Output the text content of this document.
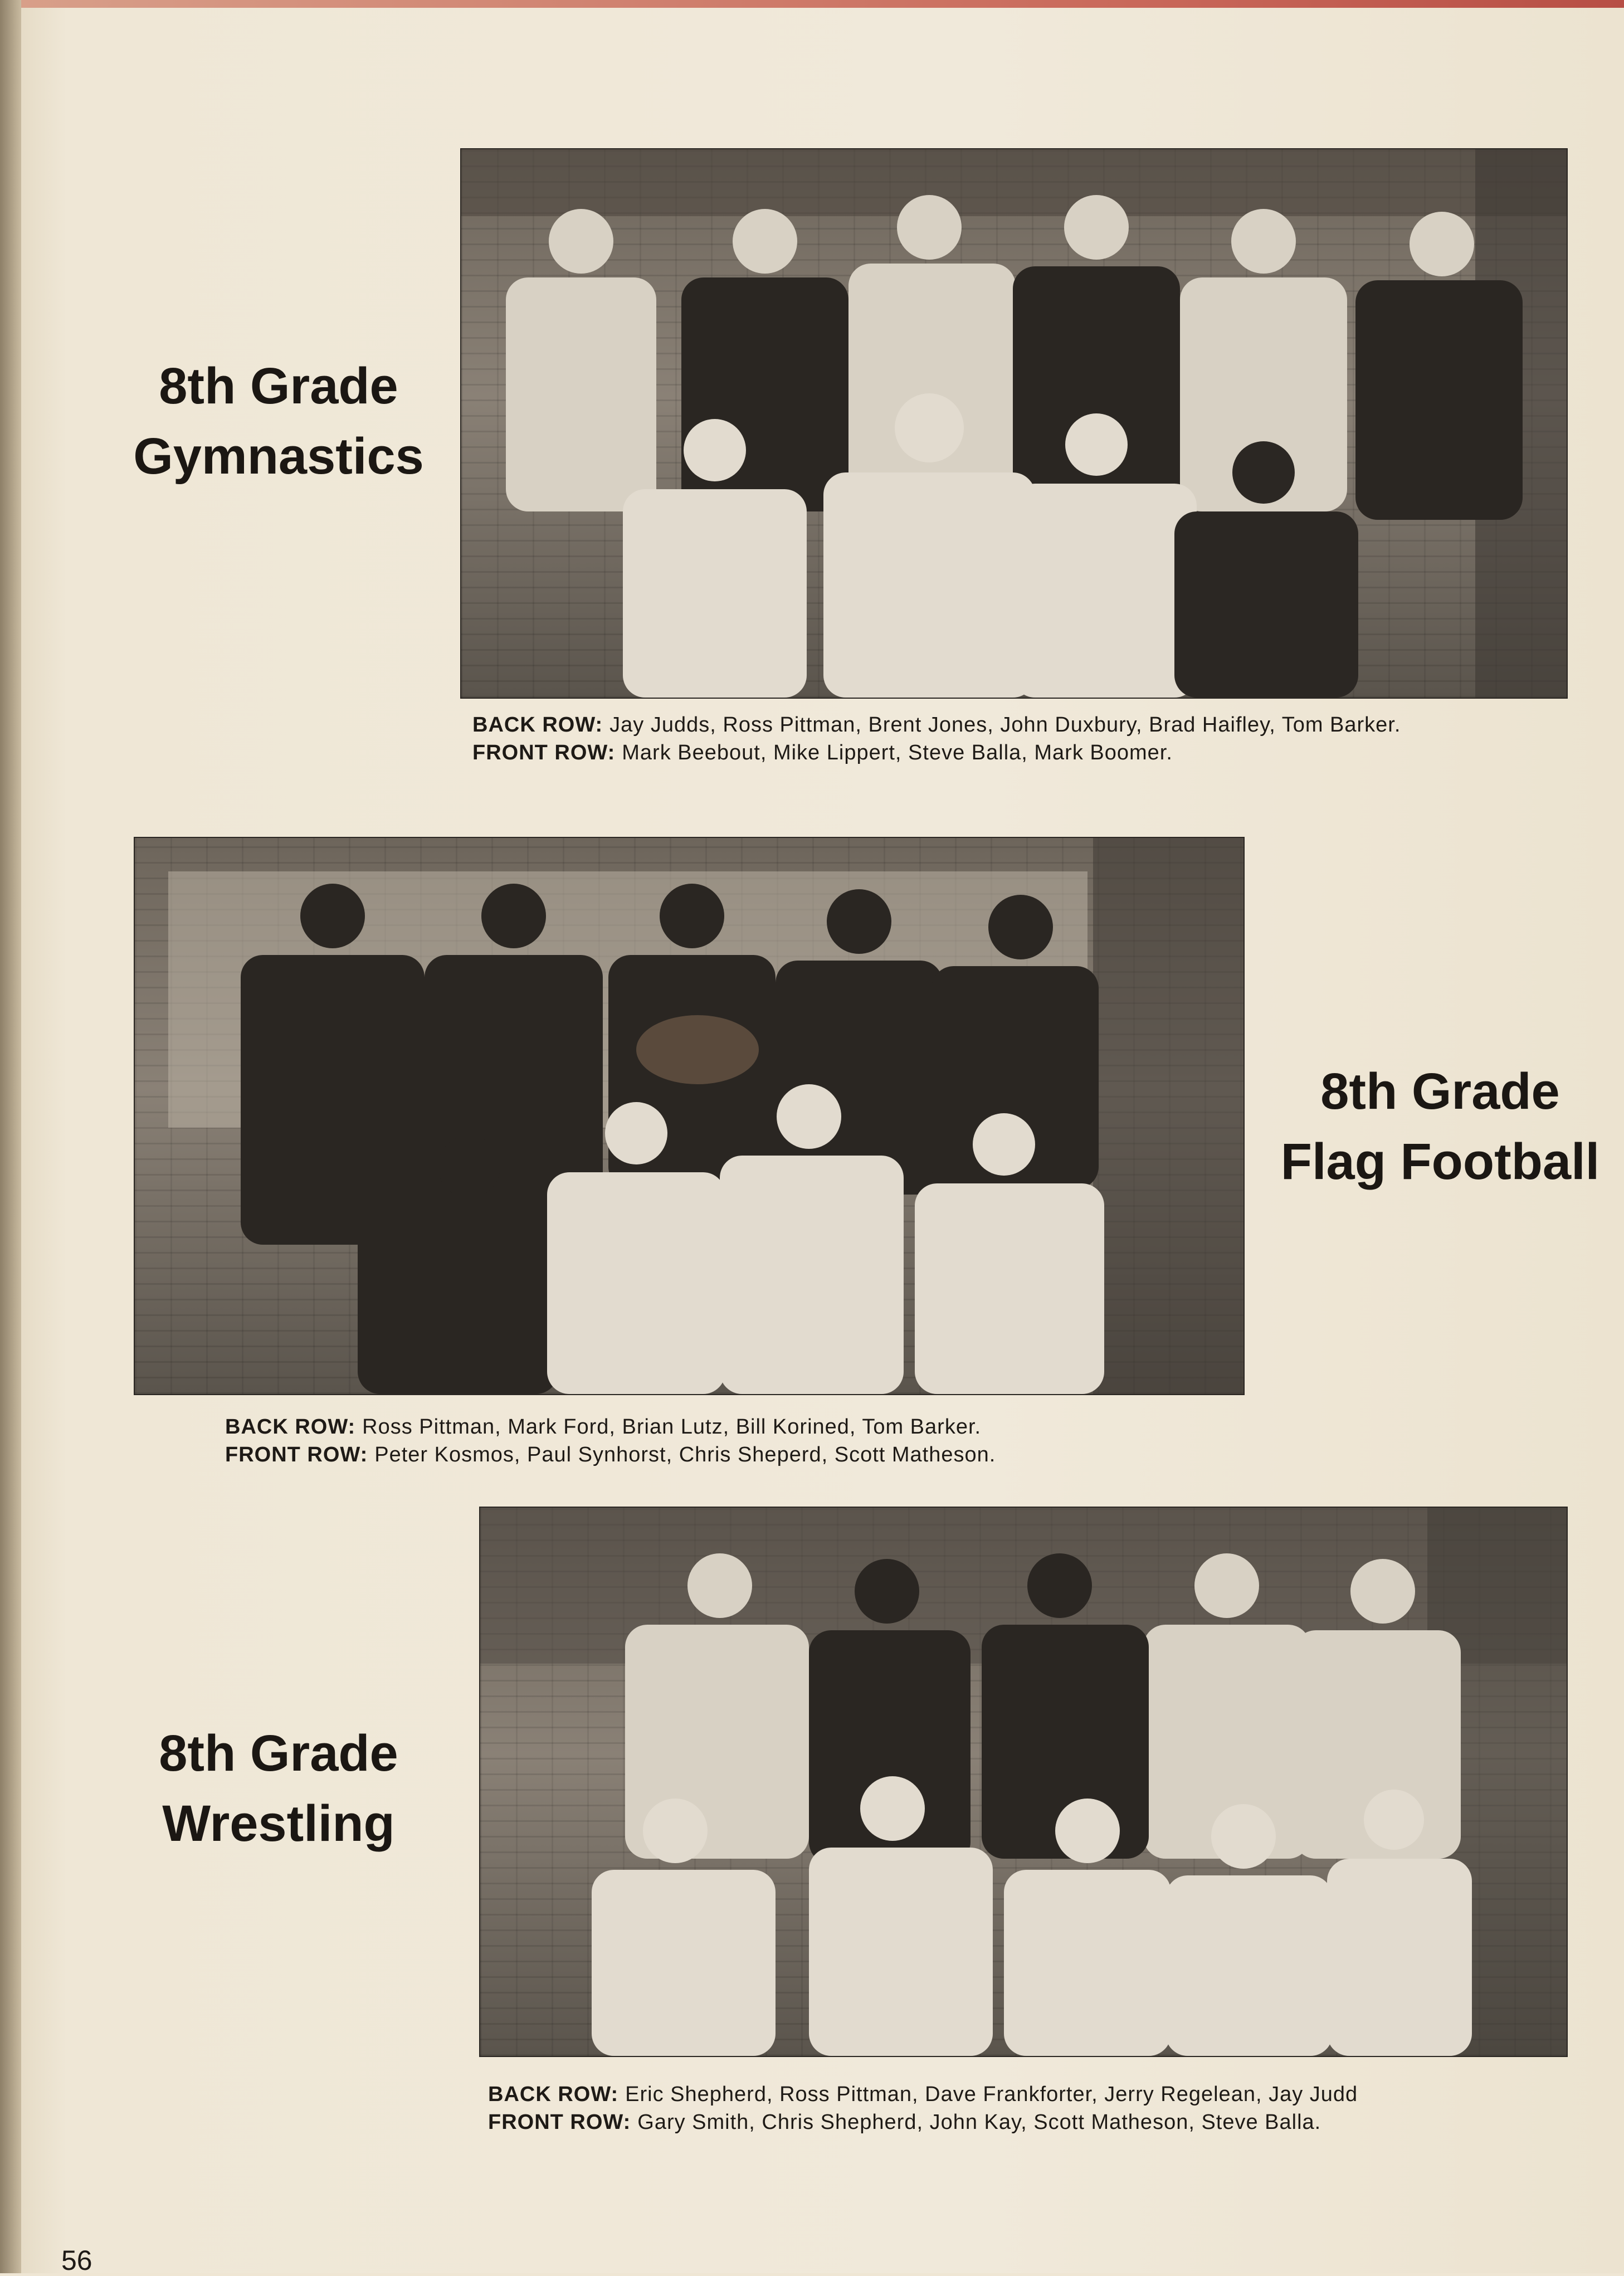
8th Grade
Gymnastics
BACK ROW: Jay Judds, Ross Pittman, Brent Jones, John Duxbury, Brad Haifley, Tom Barker.
FRONT ROW: Mark Beebout, Mike Lippert, Steve Balla, Mark Boomer.
8th Grade
Flag Football
BACK ROW: Ross Pittman, Mark Ford, Brian Lutz, Bill Korined, Tom Barker.
FRONT ROW: Peter Kosmos, Paul Synhorst, Chris Sheperd, Scott Matheson.
8th Grade
Wrestling
BACK ROW: Eric Shepherd, Ross Pittman, Dave Frankforter, Jerry Regelean, Jay Judd
FRONT ROW: Gary Smith, Chris Shepherd, John Kay, Scott Matheson, Steve Balla.
56
